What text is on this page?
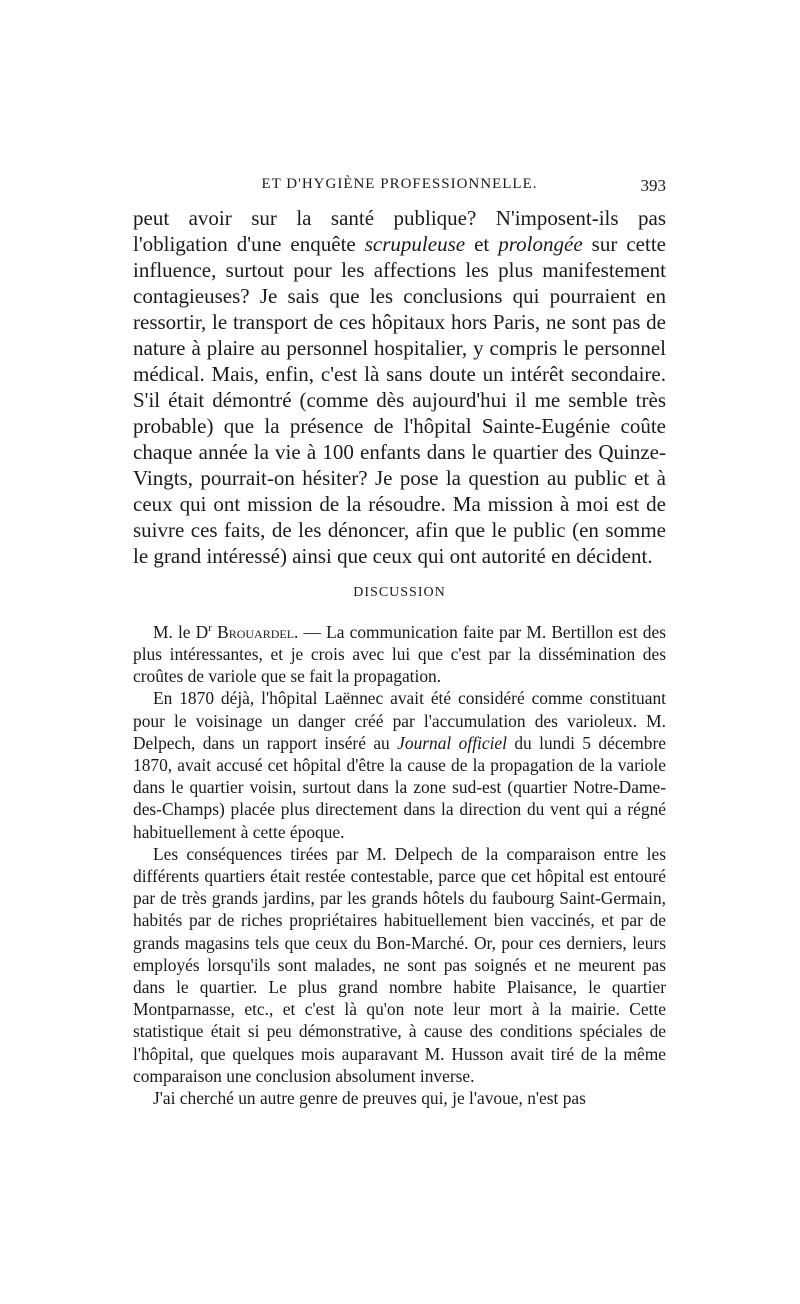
ET D'HYGIÈNE PROFESSIONNELLE.	393

peut avoir sur la santé publique? N'imposent-ils pas l'obligation d'une enquête scrupuleuse et prolongée sur cette influence, surtout pour les affections les plus manifestement contagieuses? Je sais que les conclusions qui pourraient en ressortir, le transport de ces hôpitaux hors Paris, ne sont pas de nature à plaire au personnel hospitalier, y compris le personnel médical. Mais, enfin, c'est là sans doute un intérêt secondaire. S'il était démontré (comme dès aujourd'hui il me semble très probable) que la présence de l'hôpital Sainte-Eugénie coûte chaque année la vie à 100 enfants dans le quartier des Quinze-Vingts, pourrait-on hésiter? Je pose la question au public et à ceux qui ont mission de la résoudre. Ma mission à moi est de suivre ces faits, de les dénoncer, afin que le public (en somme le grand intéressé) ainsi que ceux qui ont autorité en décident.

DISCUSSION

M. le $D^r$ Brouardel. — La communication faite par M. Bertillon est des plus intéressantes, et je crois avec lui que c'est par la dissémination des croûtes de variole que se fait la propagation.

En 1870 déjà, l'hôpital Laënnec avait été considéré comme constituant pour le voisinage un danger créé par l'accumulation des varioleux. M. Delpech, dans un rapport inséré au Journal officiel du lundi 5 décembre 1870, avait accusé cet hôpital d'être la cause de la propagation de la variole dans le quartier voisin, surtout dans la zone sud-est (quartier Notre-Dame-des-Champs) placée plus directement dans la direction du vent qui a régné habituellement à cette époque.

Les conséquences tirées par M. Delpech de la comparaison entre les différents quartiers était restée contestable, parce que cet hôpital est entouré par de très grands jardins, par les grands hôtels du faubourg Saint-Germain, habités par de riches propriétaires habituellement bien vaccinés, et par de grands magasins tels que ceux du Bon-Marché. Or, pour ces derniers, leurs employés lorsqu'ils sont malades, ne sont pas soignés et ne meurent pas dans le quartier. Le plus grand nombre habite Plaisance, le quartier Montparnasse, etc., et c'est là qu'on note leur mort à la mairie. Cette statistique était si peu démonstrative, à cause des conditions spéciales de l'hôpital, que quelques mois auparavant M. Husson avait tiré de la même comparaison une conclusion absolument inverse.

J'ai cherché un autre genre de preuves qui, je l'avoue, n'est pas
